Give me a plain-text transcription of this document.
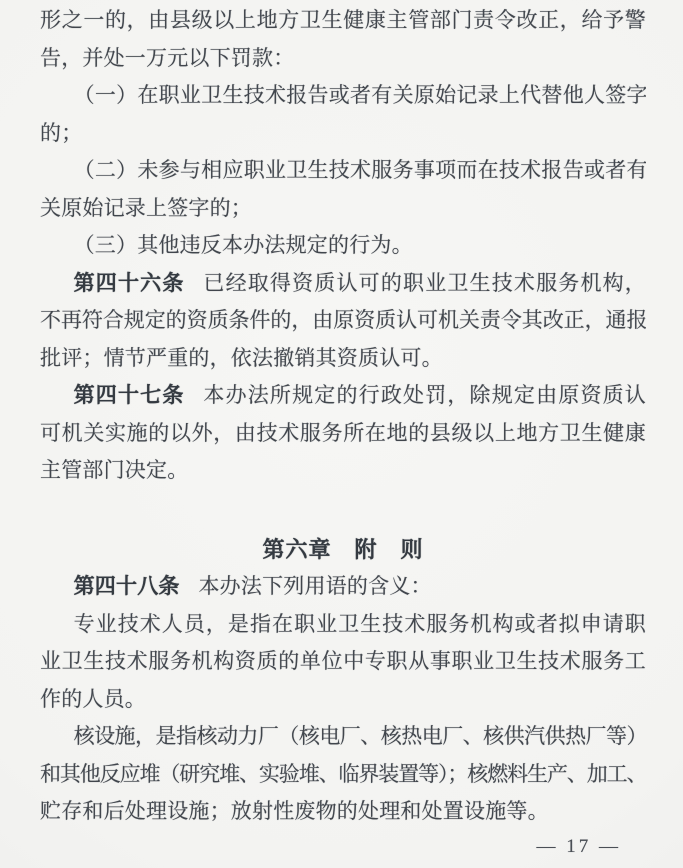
形之一的，由县级以上地方卫生健康主管部门责令改正，给予警
告，并处一万元以下罚款：
（一）在职业卫生技术报告或者有关原始记录上代替他人签字
的；
（二）未参与相应职业卫生技术服务事项而在技术报告或者有
关原始记录上签字的；
（三）其他违反本办法规定的行为。
第四十六条 已经取得资质认可的职业卫生技术服务机构，
不再符合规定的资质条件的，由原资质认可机关责令其改正，通报
批评；情节严重的，依法撤销其资质认可。
第四十七条 本办法所规定的行政处罚，除规定由原资质认
可机关实施的以外，由技术服务所在地的县级以上地方卫生健康
主管部门决定。
第六章　附　则
第四十八条 本办法下列用语的含义：
专业技术人员，是指在职业卫生技术服务机构或者拟申请职
业卫生技术服务机构资质的单位中专职从事职业卫生技术服务工
作的人员。
核设施，是指核动力厂（核电厂、核热电厂、核供汽供热厂等）
和其他反应堆（研究堆、实验堆、临界装置等）；核燃料生产、加工、
贮存和后处理设施；放射性废物的处理和处置设施等。
— 17 —
